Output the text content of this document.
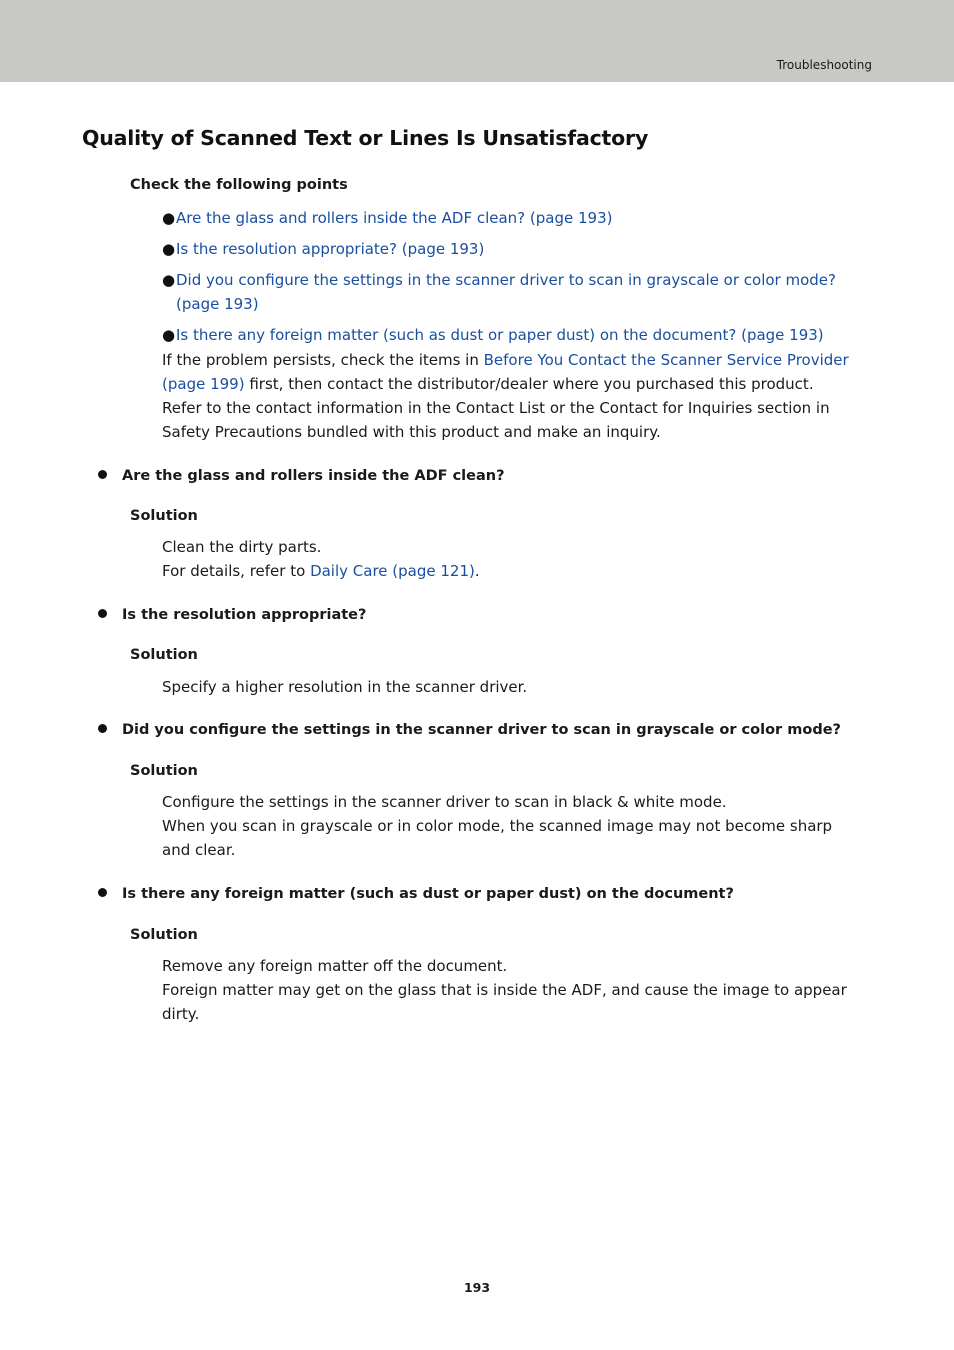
Troubleshooting
Quality of Scanned Text or Lines Is Unsatisfactory
Check the following points
● Are the glass and rollers inside the ADF clean? (page 193)
● Is the resolution appropriate? (page 193)
● Did you configure the settings in the scanner driver to scan in grayscale or color mode? (page 193)
● Is there any foreign matter (such as dust or paper dust) on the document? (page 193)
If the problem persists, check the items in Before You Contact the Scanner Service Provider (page 199) first, then contact the distributor/dealer where you purchased this product. Refer to the contact information in the Contact List or the Contact for Inquiries section in Safety Precautions bundled with this product and make an inquiry.
Are the glass and rollers inside the ADF clean?
Solution
Clean the dirty parts.
For details, refer to Daily Care (page 121).
Is the resolution appropriate?
Solution
Specify a higher resolution in the scanner driver.
Did you configure the settings in the scanner driver to scan in grayscale or color mode?
Solution
Configure the settings in the scanner driver to scan in black & white mode.
When you scan in grayscale or in color mode, the scanned image may not become sharp and clear.
Is there any foreign matter (such as dust or paper dust) on the document?
Solution
Remove any foreign matter off the document.
Foreign matter may get on the glass that is inside the ADF, and cause the image to appear dirty.
193
